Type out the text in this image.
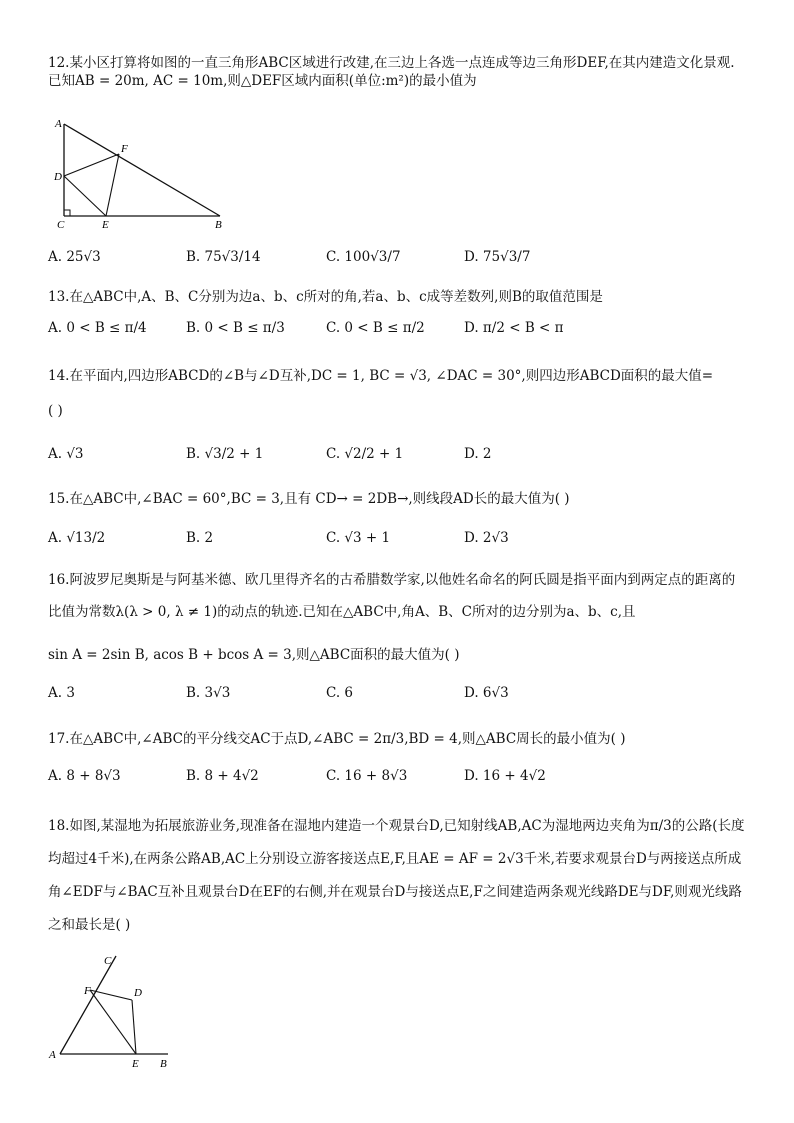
12.某小区打算将如图的一直三角形ABC区域进行改建,在三边上各选一点连成等边三角形DEF,在其内建造文化景观.已知AB = 20m, AC = 10m,则△DEF区域内面积(单位:m²)的最小值为
A
F
D
C	E	B
A. 25√3	B. 75√3/14	C. 100√3/7	D. 75√3/7
13.在△ABC中,A、B、C分别为边a、b、c所对的角,若a、b、c成等差数列,则B的取值范围是
A. 0 < B ≤ π/4	B. 0 < B ≤ π/3	C. 0 < B ≤ π/2	D. π/2 < B < π
14.在平面内,四边形ABCD的∠B与∠D互补,DC = 1, BC = √3, ∠DAC = 30°,则四边形ABCD面积的最大值=
( )
A. √3	B. √3/2 + 1	C. √2/2 + 1	D. 2
15.在△ABC中,∠BAC = 60°,BC = 3,且有 CD→ = 2DB→,则线段AD长的最大值为( )
A. √13/2	B. 2	C. √3 + 1	D. 2√3
16.阿波罗尼奥斯是与阿基米德、欧几里得齐名的古希腊数学家,以他姓名命名的阿氏圆是指平面内到两定点的距离的比值为常数λ(λ > 0, λ ≠ 1)的动点的轨迹.已知在△ABC中,角A、B、C所对的边分别为a、b、c,且
sin A = 2sin B, acos B + bcos A = 3,则△ABC面积的最大值为( )
A. 3	B. 3√3	C. 6	D. 6√3
17.在△ABC中,∠ABC的平分线交AC于点D,∠ABC = 2π/3,BD = 4,则△ABC周长的最小值为( )
A. 8 + 8√3	B. 8 + 4√2	C. 16 + 8√3	D. 16 + 4√2
18.如图,某湿地为拓展旅游业务,现准备在湿地内建造一个观景台D,已知射线AB,AC为湿地两边夹角为π/3的公路(长度均超过4千米),在两条公路AB,AC上分别设立游客接送点E,F,且AE = AF = 2√3千米,若要求观景台D与两接送点所成角∠EDF与∠BAC互补且观景台D在EF的右侧,并在观景台D与接送点E,F之间建造两条观光线路DE与DF,则观光线路之和最长是( )
C
F	D
A
E B
